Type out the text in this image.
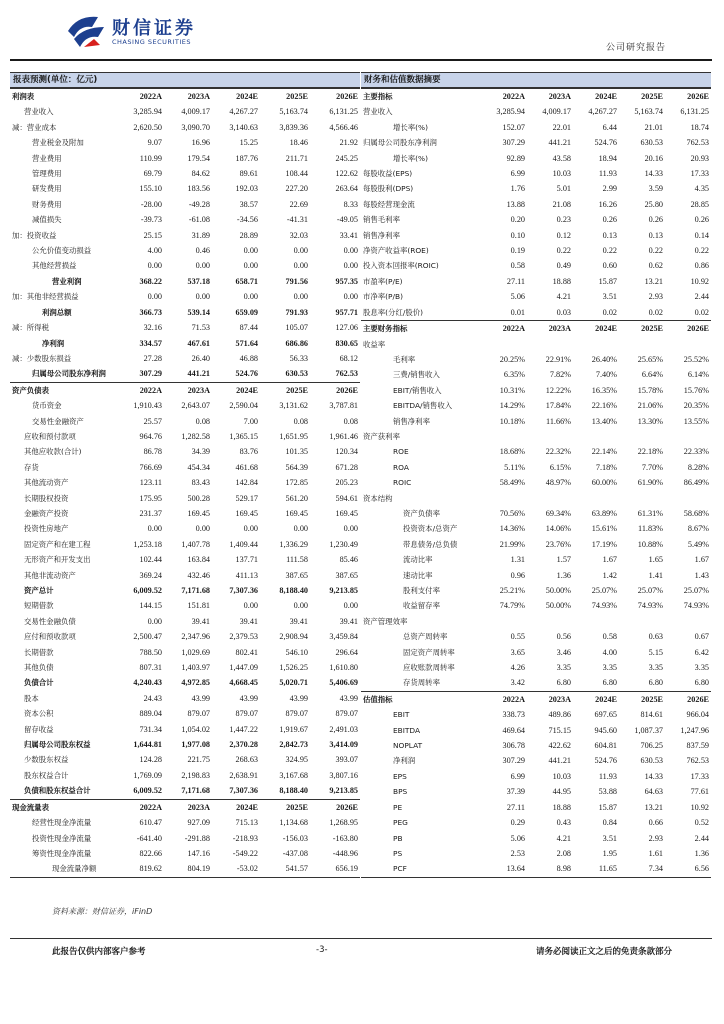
财信证券
CHASING SECURITIES
公司研究报告
报表预测(单位：亿元)
利润表	2022A	2023A	2024E	2025E	2026E
营业收入	3,285.94	4,009.17	4,267.27	5,163.74	6,131.25
减：营业成本	2,620.50	3,090.70	3,140.63	3,839.36	4,566.46
营业税金及附加	9.07	16.96	15.25	18.46	21.92
营业费用	110.99	179.54	187.76	211.71	245.25
管理费用	69.79	84.62	89.61	108.44	122.62
研发费用	155.10	183.56	192.03	227.20	263.64
财务费用	-28.00	-49.28	38.57	22.69	8.33
减值损失	-39.73	-61.08	-34.56	-41.31	-49.05
加：投资收益	25.15	31.89	28.89	32.03	33.41
公允价值变动损益	4.00	0.46	0.00	0.00	0.00
其他经营损益	0.00	0.00	0.00	0.00	0.00
营业利润	368.22	537.18	658.71	791.56	957.35
加：其他非经营损益	0.00	0.00	0.00	0.00	0.00
利润总额	366.73	539.14	659.09	791.93	957.71
减：所得税	32.16	71.53	87.44	105.07	127.06
净利润	334.57	467.61	571.64	686.86	830.65
减：少数股东损益	27.28	26.40	46.88	56.33	68.12
归属母公司股东净利润	307.29	441.21	524.76	630.53	762.53
资产负债表	2022A	2023A	2024E	2025E	2026E
货币资金	1,910.43	2,643.07	2,590.04	3,131.62	3,787.81
交易性金融资产	25.57	0.08	7.00	0.08	0.08
应收和预付款项	964.76	1,282.58	1,365.15	1,651.95	1,961.46
其他应收款(合计)	86.78	34.39	83.76	101.35	120.34
存货	766.69	454.34	461.68	564.39	671.28
其他流动资产	123.11	83.43	142.84	172.85	205.23
长期股权投资	175.95	500.28	529.17	561.20	594.61
金融资产投资	231.37	169.45	169.45	169.45	169.45
投资性房地产	0.00	0.00	0.00	0.00	0.00
固定资产和在建工程	1,253.18	1,407.78	1,409.44	1,336.29	1,230.49
无形资产和开发支出	102.44	163.84	137.71	111.58	85.46
其他非流动资产	369.24	432.46	411.13	387.65	387.65
资产总计	6,009.52	7,171.68	7,307.36	8,188.40	9,213.85
短期借款	144.15	151.81	0.00	0.00	0.00
交易性金融负债	0.00	39.41	39.41	39.41	39.41
应付和预收款项	2,500.47	2,347.96	2,379.53	2,908.94	3,459.84
长期借款	788.50	1,029.69	802.41	546.10	296.64
其他负债	807.31	1,403.97	1,447.09	1,526.25	1,610.80
负债合计	4,240.43	4,972.85	4,668.45	5,020.71	5,406.69
股本	24.43	43.99	43.99	43.99	43.99
资本公积	889.04	879.07	879.07	879.07	879.07
留存收益	731.34	1,054.02	1,447.22	1,919.67	2,491.03
归属母公司股东权益	1,644.81	1,977.08	2,370.28	2,842.73	3,414.09
少数股东权益	124.28	221.75	268.63	324.95	393.07
股东权益合计	1,769.09	2,198.83	2,638.91	3,167.68	3,807.16
负债和股东权益合计	6,009.52	7,171.68	7,307.36	8,188.40	9,213.85
现金流量表	2022A	2023A	2024E	2025E	2026E
经营性现金净流量	610.47	927.09	715.13	1,134.68	1,268.95
投资性现金净流量	-641.40	-291.88	-218.93	-156.03	-163.80
筹资性现金净流量	822.66	147.16	-549.22	-437.08	-448.96
现金流量净额	819.62	804.19	-53.02	541.57	656.19
财务和估值数据摘要
主要指标	2022A	2023A	2024E	2025E	2026E
营业收入	3,285.94	4,009.17	4,267.27	5,163.74	6,131.25
增长率(%)	152.07	22.01	6.44	21.01	18.74
归属母公司股东净利润	307.29	441.21	524.76	630.53	762.53
增长率(%)	92.89	43.58	18.94	20.16	20.93
每股收益(EPS)	6.99	10.03	11.93	14.33	17.33
每股股利(DPS)	1.76	5.01	2.99	3.59	4.35
每股经营现金流	13.88	21.08	16.26	25.80	28.85
销售毛利率	0.20	0.23	0.26	0.26	0.26
销售净利率	0.10	0.12	0.13	0.13	0.14
净资产收益率(ROE)	0.19	0.22	0.22	0.22	0.22
投入资本回报率(ROIC)	0.58	0.49	0.60	0.62	0.86
市盈率(P/E)	27.11	18.88	15.87	13.21	10.92
市净率(P/B)	5.06	4.21	3.51	2.93	2.44
股息率(分红/股价)	0.01	0.03	0.02	0.02	0.02
主要财务指标	2022A	2023A	2024E	2025E	2026E
收益率					
毛利率	20.25%	22.91%	26.40%	25.65%	25.52%
三费/销售收入	6.35%	7.82%	7.40%	6.64%	6.14%
EBIT/销售收入	10.31%	12.22%	16.35%	15.78%	15.76%
EBITDA/销售收入	14.29%	17.84%	22.16%	21.06%	20.35%
销售净利率	10.18%	11.66%	13.40%	13.30%	13.55%
资产获利率					
ROE	18.68%	22.32%	22.14%	22.18%	22.33%
ROA	5.11%	6.15%	7.18%	7.70%	8.28%
ROIC	58.49%	48.97%	60.00%	61.90%	86.49%
资本结构					
资产负债率	70.56%	69.34%	63.89%	61.31%	58.68%
投资资本/总资产	14.36%	14.06%	15.61%	11.83%	8.67%
带息债务/总负债	21.99%	23.76%	17.19%	10.88%	5.49%
流动比率	1.31	1.57	1.67	1.65	1.67
速动比率	0.96	1.36	1.42	1.41	1.43
股利支付率	25.21%	50.00%	25.07%	25.07%	25.07%
收益留存率	74.79%	50.00%	74.93%	74.93%	74.93%
资产管理效率					
总资产周转率	0.55	0.56	0.58	0.63	0.67
固定资产周转率	3.65	3.46	4.00	5.15	6.42
应收账款周转率	4.26	3.35	3.35	3.35	3.35
存货周转率	3.42	6.80	6.80	6.80	6.80
估值指标	2022A	2023A	2024E	2025E	2026E
EBIT	338.73	489.86	697.65	814.61	966.04
EBITDA	469.64	715.15	945.60	1,087.37	1,247.96
NOPLAT	306.78	422.62	604.81	706.25	837.59
净利润	307.29	441.21	524.76	630.53	762.53
EPS	6.99	10.03	11.93	14.33	17.33
BPS	37.39	44.95	53.88	64.63	77.61
PE	27.11	18.88	15.87	13.21	10.92
PEG	0.29	0.43	0.84	0.66	0.52
PB	5.06	4.21	3.51	2.93	2.44
PS	2.53	2.08	1.95	1.61	1.36
PCF	13.64	8.98	11.65	7.34	6.56
资料来源：财信证券，iFinD
此报告仅供内部客户参考	-3-	请务必阅读正文之后的免责条款部分
